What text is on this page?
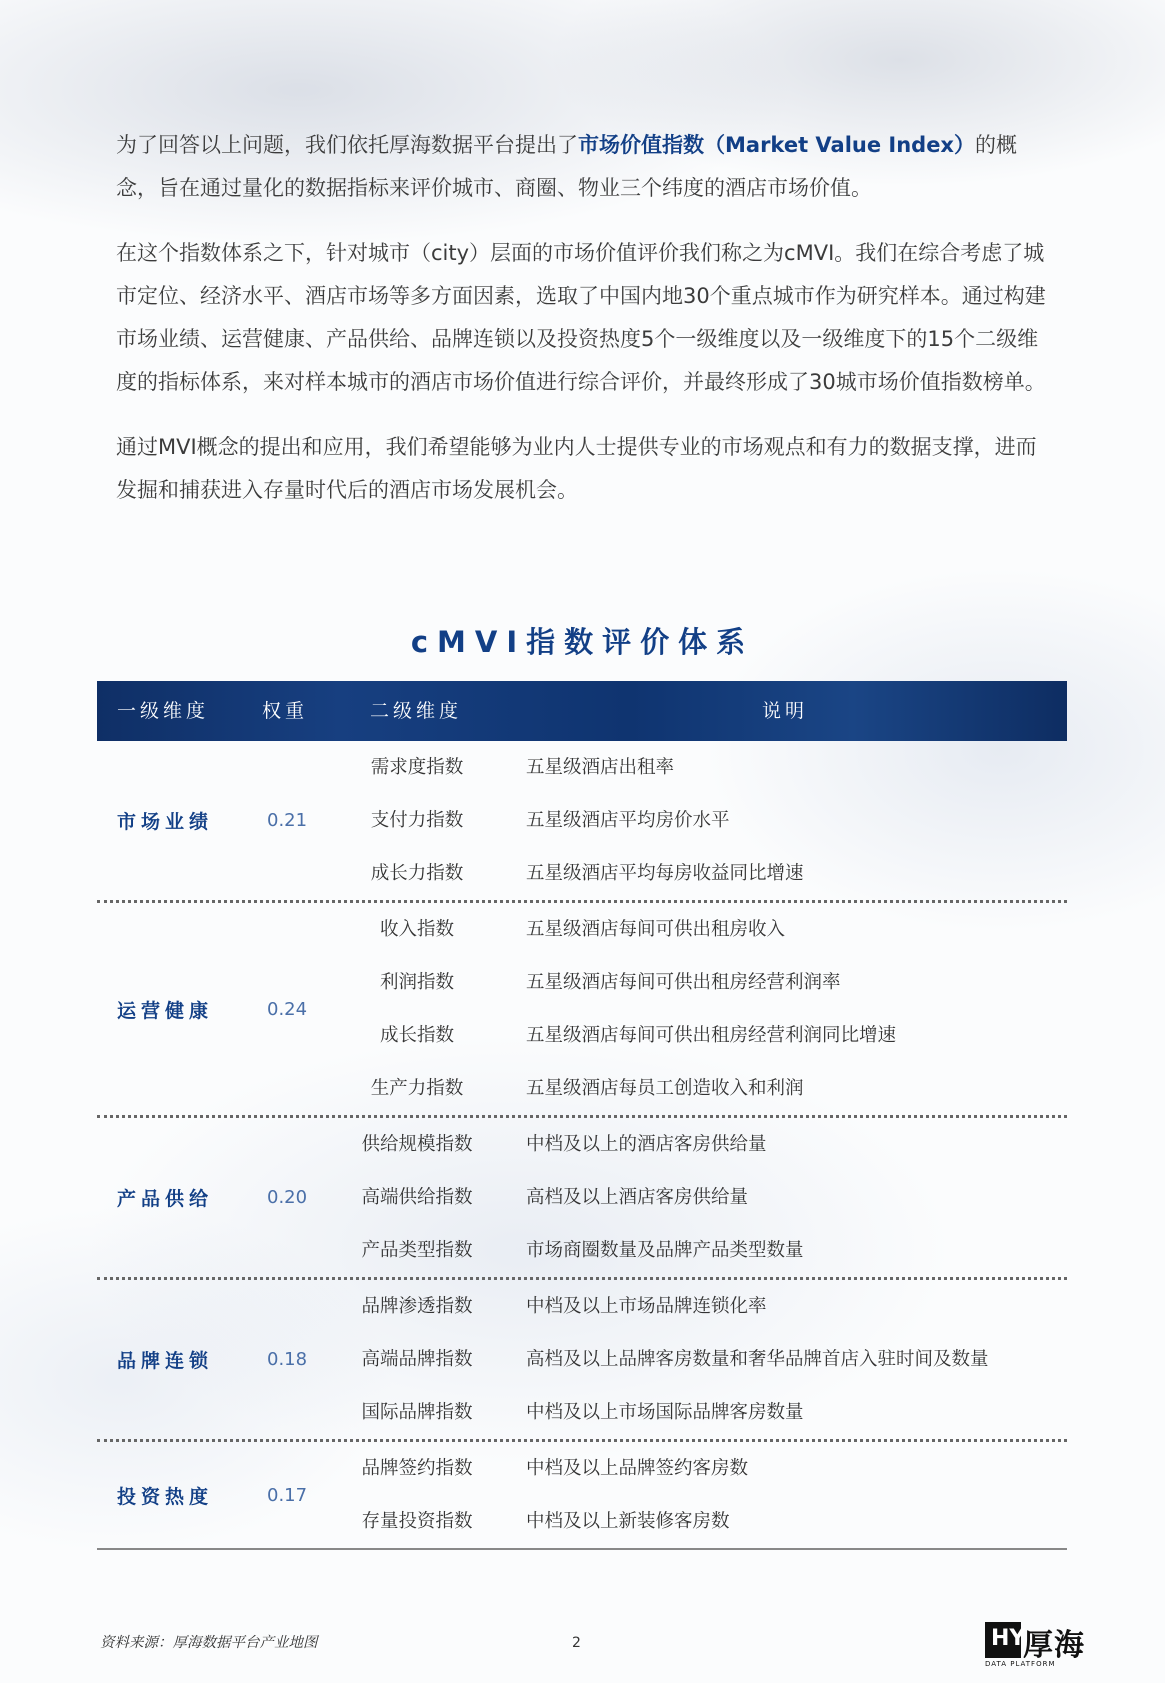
为了回答以上问题，我们依托厚海数据平台提出了市场价值指数（Market Value Index）的概念，旨在通过量化的数据指标来评价城市、商圈、物业三个纬度的酒店市场价值。

在这个指数体系之下，针对城市（city）层面的市场价值评价我们称之为cMVI。我们在综合考虑了城市定位、经济水平、酒店市场等多方面因素，选取了中国内地30个重点城市作为研究样本。通过构建市场业绩、运营健康、产品供给、品牌连锁以及投资热度5个一级维度以及一级维度下的15个二级维度的指标体系，来对样本城市的酒店市场价值进行综合评价，并最终形成了30城市场价值指数榜单。

通过MVI概念的提出和应用，我们希望能够为业内人士提供专业的市场观点和有力的数据支撑，进而发掘和捕获进入存量时代后的酒店市场发展机会。

cMVI指数评价体系
一级维度	权重	二级维度	说明
市场业绩	0.21
需求度指数	五星级酒店出租率
支付力指数	五星级酒店平均房价水平
成长力指数	五星级酒店平均每房收益同比增速
运营健康	0.24
收入指数	五星级酒店每间可供出租房收入
利润指数	五星级酒店每间可供出租房经营利润率
成长指数	五星级酒店每间可供出租房经营利润同比增速
生产力指数	五星级酒店每员工创造收入和利润
产品供给	0.20
供给规模指数	中档及以上的酒店客房供给量
高端供给指数	高档及以上酒店客房供给量
产品类型指数	市场商圈数量及品牌产品类型数量
品牌连锁	0.18
品牌渗透指数	中档及以上市场品牌连锁化率
高端品牌指数	高档及以上品牌客房数量和奢华品牌首店入驻时间及数量
国际品牌指数	中档及以上市场国际品牌客房数量
投资热度	0.17
品牌签约指数	中档及以上品牌签约客房数
存量投资指数	中档及以上新装修客房数
资料来源：厚海数据平台产业地图	2	HY
厚海
DATA PLATFORM
